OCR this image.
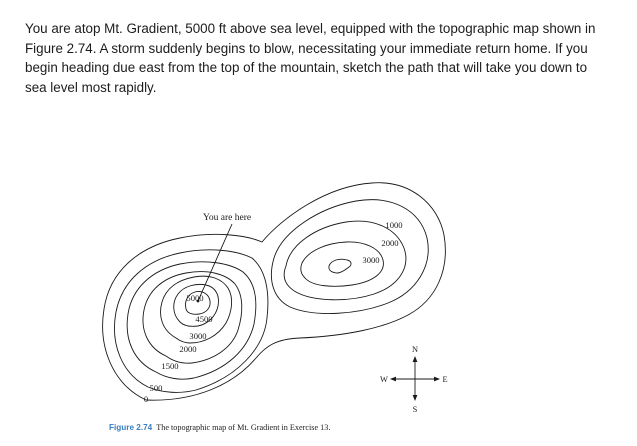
You are atop Mt. Gradient, 5000 ft above sea level, equipped with the topographic map shown in
Figure 2.74. A storm suddenly begins to blow, necessitating your immediate return home. If you
begin heading due east from the top of the mountain, sketch the path that will take you down to
sea level most rapidly.

You are here
5000
4500
3000
2000
1500
500
0
1000
2000
3000
N
S
E
W
Figure 2.74 The topographic map of Mt. Gradient in Exercise 13.
